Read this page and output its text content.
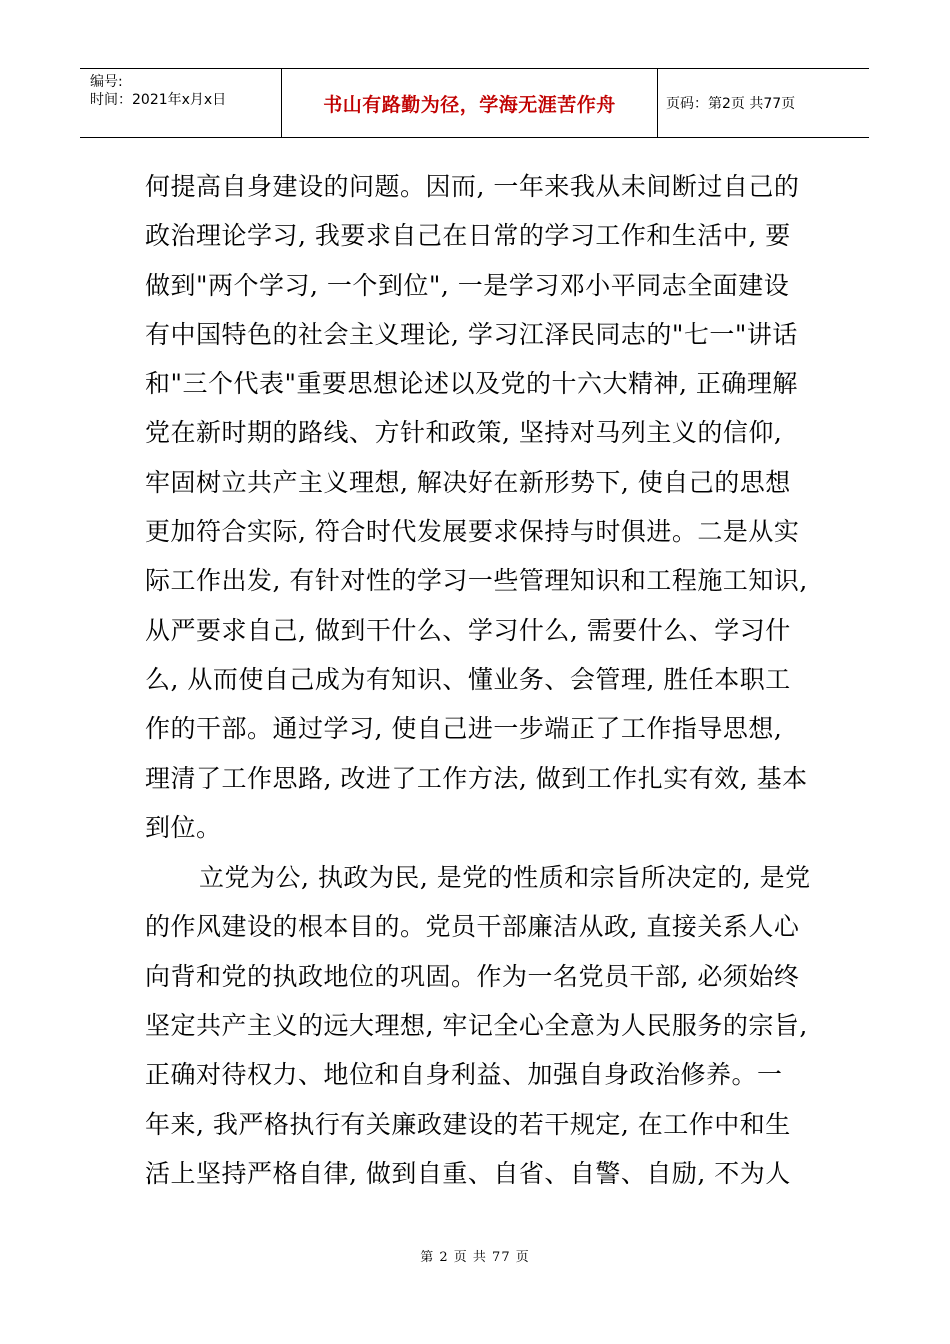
编号:
时间：2021年x月x日	书山有路勤为径，学海无涯苦作舟	页码：第2页 共77页
何提高自身建设的问题。因而, 一年来我从未间断过自己的
政治理论学习, 我要求自己在日常的学习工作和生活中, 要
做到"两个学习, 一个到位", 一是学习邓小平同志全面建设
有中国特色的社会主义理论, 学习江泽民同志的"七一"讲话
和"三个代表"重要思想论述以及党的十六大精神, 正确理解
党在新时期的路线、方针和政策, 坚持对马列主义的信仰,
牢固树立共产主义理想, 解决好在新形势下, 使自己的思想
更加符合实际, 符合时代发展要求保持与时俱进。二是从实
际工作出发, 有针对性的学习一些管理知识和工程施工知识,
从严要求自己, 做到干什么、学习什么, 需要什么、学习什
么, 从而使自己成为有知识、懂业务、会管理, 胜任本职工
作的干部。通过学习, 使自己进一步端正了工作指导思想,
理清了工作思路, 改进了工作方法, 做到工作扎实有效, 基本
到位。
立党为公, 执政为民, 是党的性质和宗旨所决定的, 是党
的作风建设的根本目的。党员干部廉洁从政, 直接关系人心
向背和党的执政地位的巩固。作为一名党员干部, 必须始终
坚定共产主义的远大理想, 牢记全心全意为人民服务的宗旨,
正确对待权力、地位和自身利益、加强自身政治修养。一
年来, 我严格执行有关廉政建设的若干规定, 在工作中和生
活上坚持严格自律, 做到自重、自省、自警、自励, 不为人
第 2 页 共 77 页
